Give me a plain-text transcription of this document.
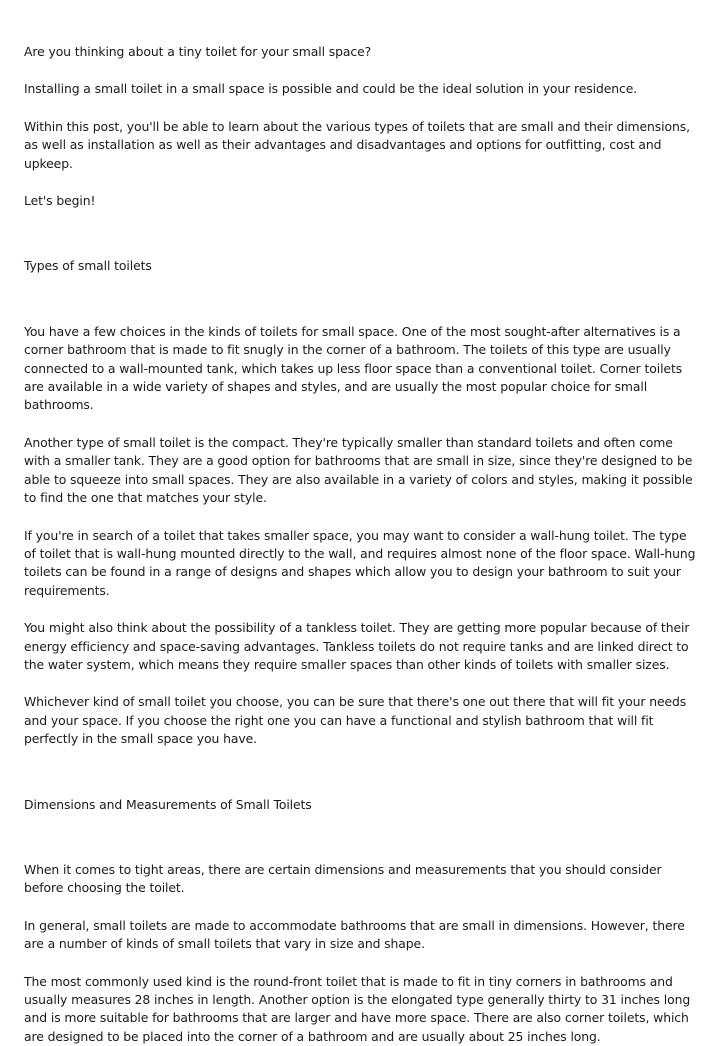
Are you thinking about a tiny toilet for your small space?

Installing a small toilet in a small space is possible and could be the ideal solution in your residence.

Within this post, you'll be able to learn about the various types of toilets that are small and their dimensions, as well as installation as well as their advantages and disadvantages and options for outfitting, cost and upkeep.

Let's begin!

Types of small toilets

You have a few choices in the kinds of toilets for small space. One of the most sought-after alternatives is a corner bathroom that is made to fit snugly in the corner of a bathroom. The toilets of this type are usually connected to a wall-mounted tank, which takes up less floor space than a conventional toilet. Corner toilets are available in a wide variety of shapes and styles, and are usually the most popular choice for small bathrooms.

Another type of small toilet is the compact. They're typically smaller than standard toilets and often come with a smaller tank. They are a good option for bathrooms that are small in size, since they're designed to be able to squeeze into small spaces. They are also available in a variety of colors and styles, making it possible to find the one that matches your style.

If you're in search of a toilet that takes smaller space, you may want to consider a wall-hung toilet. The type of toilet that is wall-hung mounted directly to the wall, and requires almost none of the floor space. Wall-hung toilets can be found in a range of designs and shapes which allow you to design your bathroom to suit your requirements.

You might also think about the possibility of a tankless toilet. They are getting more popular because of their energy efficiency and space-saving advantages. Tankless toilets do not require tanks and are linked direct to the water system, which means they require smaller spaces than other kinds of toilets with smaller sizes.

Whichever kind of small toilet you choose, you can be sure that there's one out there that will fit your needs and your space. If you choose the right one you can have a functional and stylish bathroom that will fit perfectly in the small space you have.

Dimensions and Measurements of Small Toilets

When it comes to tight areas, there are certain dimensions and measurements that you should consider before choosing the toilet.

In general, small toilets are made to accommodate bathrooms that are small in dimensions. However, there are a number of kinds of small toilets that vary in size and shape.

The most commonly used kind is the round-front toilet that is made to fit in tiny corners in bathrooms and usually measures 28 inches in length. Another option is the elongated type generally thirty to 31 inches long and is more suitable for bathrooms that are larger and have more space. There are also corner toilets, which are designed to be placed into the corner of a bathroom and are usually about 25 inches long.
